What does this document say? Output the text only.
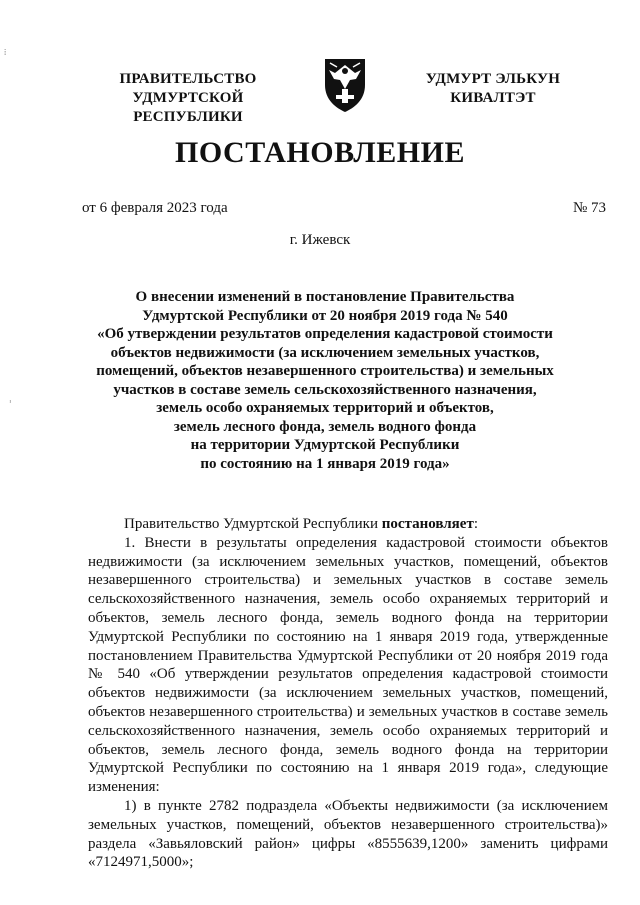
ПРАВИТЕЛЬСТВО
УДМУРТСКОЙ РЕСПУБЛИКИ
УДМУРТ ЭЛЬКУН
КИВАЛТЭТ
ПОСТАНОВЛЕНИЕ
от 6 февраля 2023 года	№ 73
г. Ижевск
О внесении изменений в постановление Правительства
Удмуртской Республики от 20 ноября 2019 года № 540
«Об утверждении результатов определения кадастровой стоимости
объектов недвижимости (за исключением земельных участков,
помещений, объектов незавершенного строительства) и земельных
участков в составе земель сельскохозяйственного назначения,
земель особо охраняемых территорий и объектов,
земель лесного фонда, земель водного фонда
на территории Удмуртской Республики
по состоянию на 1 января 2019 года»

Правительство Удмуртской Республики постановляет:

1. Внести в результаты определения кадастровой стоимости объектов недвижимости (за исключением земельных участков, помещений, объектов незавершенного строительства) и земельных участков в составе земель сельскохозяйственного назначения, земель особо охраняемых территорий и объектов, земель лесного фонда, земель водного фонда на территории Удмуртской Республики по состоянию на 1 января 2019 года, утвержденные постановлением Правительства Удмуртской Республики от 20 ноября 2019 года № 540 «Об утверждении результатов определения кадастровой стоимости объектов недвижимости (за исключением земельных участков, помещений, объектов незавершенного строительства) и земельных участков в составе земель сельскохозяйственного назначения, земель особо охраняемых территорий и объектов, земель лесного фонда, земель водного фонда на территории Удмуртской Республики по состоянию на 1 января 2019 года», следующие изменения:

1) в пункте 2782 подраздела «Объекты недвижимости (за исключением земельных участков, помещений, объектов незавершенного строительства)» раздела «Завьяловский район» цифры «8555639,1200» заменить цифрами «7124971,5000»;

⁞
ⸯ
